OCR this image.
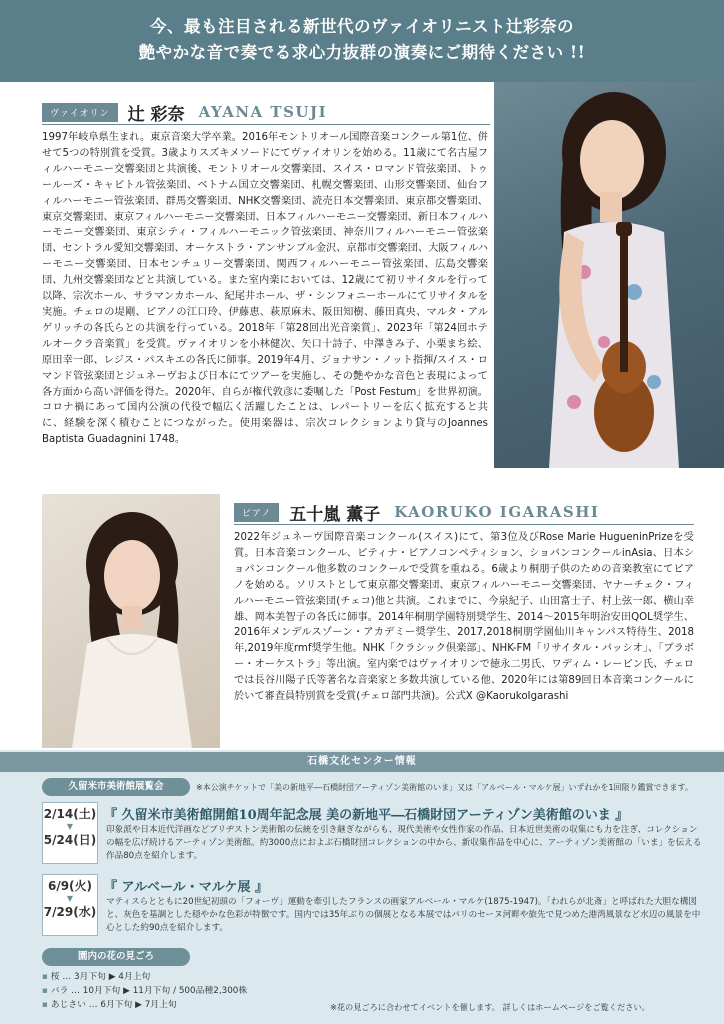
今、最も注目される新世代のヴァイオリニスト辻彩奈の
艶やかな音で奏でる求心力抜群の演奏にご期待ください !!
ヴァイオリン	辻 彩奈 AYANA TSUJI
1997年岐阜県生まれ。東京音楽大学卒業。2016年モントリオール国際音楽コンクール第1位、併せて5つの特別賞を受賞。3歳よりスズキメソードにてヴァイオリンを始める。11歳にて名古屋フィルハーモニー交響楽団と共演後、モントリオール交響楽団、スイス・ロマンド管弦楽団、トゥールーズ・キャピトル管弦楽団、ベトナム国立交響楽団、札幌交響楽団、山形交響楽団、仙台フィルハーモニー管弦楽団、群馬交響楽団、NHK交響楽団、読売日本交響楽団、東京都交響楽団、東京交響楽団、東京フィルハーモニー交響楽団、日本フィルハーモニー交響楽団、新日本フィルハーモニー交響楽団、東京シティ・フィルハーモニック管弦楽団、神奈川フィルハーモニー管弦楽団、セントラル愛知交響楽団、オーケストラ・アンサンブル金沢、京都市交響楽団、大阪フィルハーモニー交響楽団、日本センチュリー交響楽団、関西フィルハーモニー管弦楽団、広島交響楽団、九州交響楽団などと共演している。また室内楽においては、12歳にて初リサイタルを行って以降、宗次ホール、サラマンカホール、紀尾井ホール、ザ・シンフォニーホールにてリサイタルを実施。チェロの堤剛、ピアノの江口玲、伊藤恵、萩原麻未、阪田知樹、藤田真央、マルタ・アルゲリッチの各氏らとの共演を行っている。2018年「第28回出光音楽賞」、2023年「第24回ホテルオークラ音楽賞」を受賞。ヴァイオリンを小林健次、矢口十詩子、中澤きみ子、小栗まち絵、原田幸一郎、レジス・パスキエの各氏に師事。2019年4月、ジョナサン・ノット指揮/スイス・ロマンド管弦楽団とジュネーヴおよび日本にてツアーを実施し、その艶やかな音色と表現によって各方面から高い評価を得た。2020年、自らが権代敦彦に委嘱した「Post Festum」を世界初演。コロナ禍にあって国内公演の代役で幅広く活躍したことは、レパートリーを広く拡充すると共に、経験を深く積むことにつながった。使用楽器は、宗次コレクションより貸与のJoannes Baptista Guadagnini 1748。
ピアノ	五十嵐 薫子 KAORUKO IGARASHI
2022年ジュネーヴ国際音楽コンクール(スイス)にて、第3位及びRose Marie HugueninPrizeを受賞。日本音楽コンクール、ピティナ・ピアノコンペティション、ショパンコンクールinAsia、日本ショパンコンクール他多数のコンクールで受賞を重ねる。6歳より桐朋子供のための音楽教室にてピアノを始める。ソリストとして東京都交響楽団、東京フィルハーモニー交響楽団、ヤナーチェク・フィルハーモニー管弦楽団(チェコ)他と共演。これまでに、今泉紀子、山田富士子、村上弦一郎、横山幸雄、岡本美智子の各氏に師事。2014年桐朋学園特別奨学生、2014〜2015年明治安田QOL奨学生、2016年メンデルスゾーン・アカデミー奨学生、2017,2018桐朋学園仙川キャンパス特待生、2018年,2019年度rmf奨学生他。NHK「クラシック倶楽部」、NHK-FM「リサイタル・パッシオ」、「ブラボー・オーケストラ」等出演。室内楽ではヴァイオリンで徳永二男氏、ワディム・レーピン氏、チェロでは長谷川陽子氏等著名な音楽家と多数共演している他、2020年には第89回日本音楽コンクールに於いて審査員特別賞を受賞(チェロ部門共演)。公式X @KaorukoIgarashi
石橋文化センター情報
久留米市美術館展覧会	※本公演チケットで「美の新地平―石橋財団アーティゾン美術館のいま」又は「アルベール・マルケ展」いずれかを1回限り鑑賞できます。
2/14(土)
▼
5/24(日)
『 久留米市美術館開館10周年記念展 美の新地平―石橋財団アーティゾン美術館のいま 』
印象派や日本近代洋画などブリヂストン美術館の伝統を引き継ぎながらも、現代美術や女性作家の作品、日本近世美術の収集にも力を注ぎ、コレクションの幅を広げ続けるアーティゾン美術館。約3000点におよぶ石橋財団コレクションの中から、新収集作品を中心に、アーティゾン美術館の「いま」を伝える作品80点を紹介します。
6/9(火)
▼
7/29(水)
『 アルベール・マルケ展 』
マティスらとともに20世紀初頭の「フォーヴ」運動を牽引したフランスの画家アルベール・マルケ(1875-1947)。「われらが北斎」と呼ばれた大胆な構図と、灰色を基調とした穏やかな色彩が特徴です。国内では35年ぶりの個展となる本展ではパリのセーヌ河畔や旅先で見つめた港湾風景など水辺の風景を中心とした約90点を紹介します。
園内の花の見ごろ
▪ 桜 … 3月下旬 ▶ 4月上旬
▪ バラ … 10月下旬 ▶ 11月下旬 / 500品種2,300株
▪ あじさい … 6月下旬 ▶ 7月上旬	※花の見ごろに合わせてイベントを催します。 詳しくはホームページをご覧ください。
